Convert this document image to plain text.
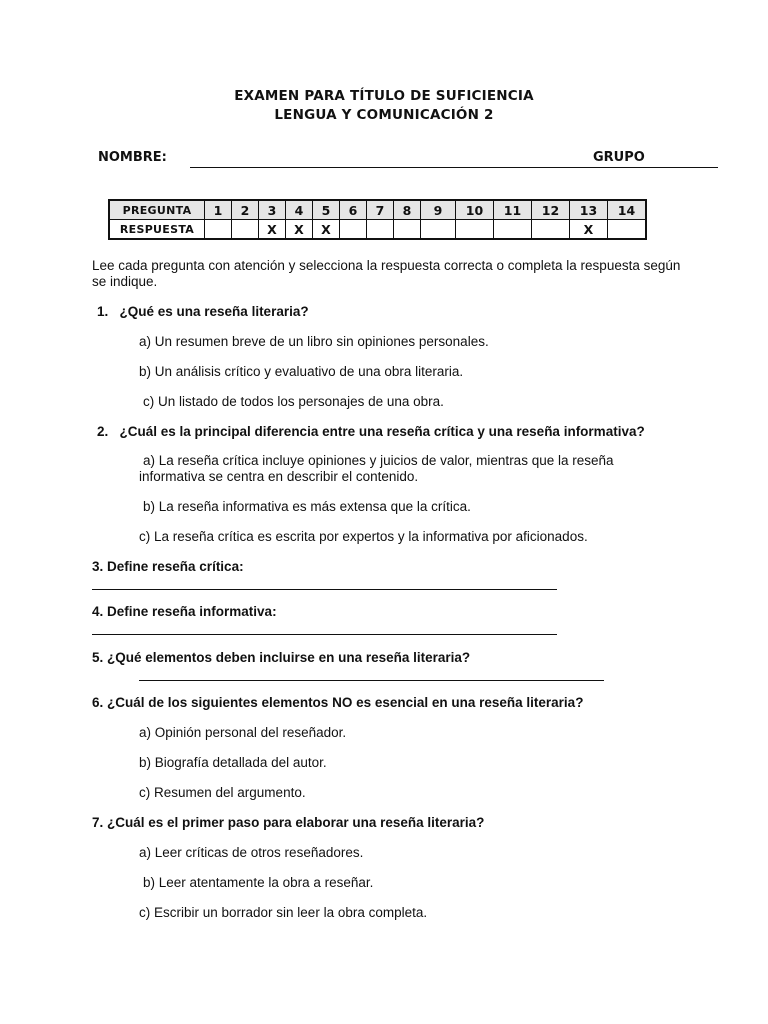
EXAMEN PARA TÍTULO DE SUFICIENCIA
LENGUA Y COMUNICACIÓN 2
NOMBRE:	GRUPO
PREGUNTA	1	2	3	4	5	6	7	8	9	10	11	12	13	14
RESPUESTA			X	X	X								X	
Lee cada pregunta con atención y selecciona la respuesta correcta o completa la respuesta según se indique.
1.   ¿Qué es una reseña literaria?
a) Un resumen breve de un libro sin opiniones personales.
b) Un análisis crítico y evaluativo de una obra literaria.
c) Un listado de todos los personajes de una obra.
2.   ¿Cuál es la principal diferencia entre una reseña crítica y una reseña informativa?
a) La reseña crítica incluye opiniones y juicios de valor, mientras que la reseña informativa se centra en describir el contenido.
b) La reseña informativa es más extensa que la crítica.
c) La reseña crítica es escrita por expertos y la informativa por aficionados.
3. Define reseña crítica:
4. Define reseña informativa:
5. ¿Qué elementos deben incluirse en una reseña literaria?
6. ¿Cuál de los siguientes elementos NO es esencial en una reseña literaria?
a) Opinión personal del reseñador.
b) Biografía detallada del autor.
c) Resumen del argumento.
7. ¿Cuál es el primer paso para elaborar una reseña literaria?
a) Leer críticas de otros reseñadores.
b) Leer atentamente la obra a reseñar.
c) Escribir un borrador sin leer la obra completa.
